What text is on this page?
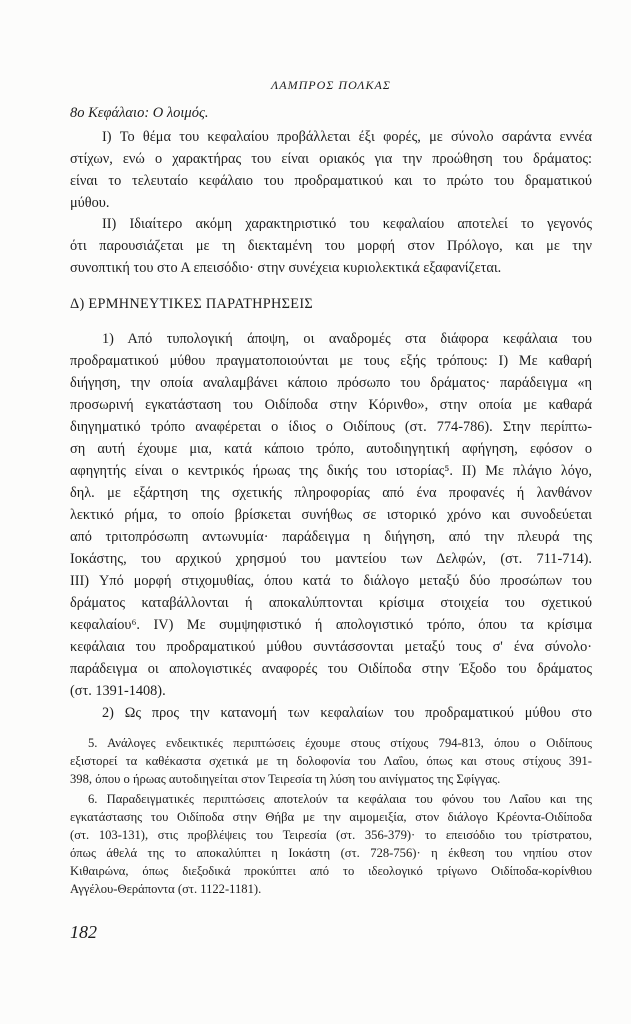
ΛΑΜΠΡΟΣ ΠΟΛΚΑΣ
8ο Κεφάλαιο: Ο λοιμός.
I) Το θέμα του κεφαλαίου προβάλλεται έξι φορές, με σύνολο σαράντα εννέα
στίχων, ενώ ο χαρακτήρας του είναι οριακός για την προώθηση του δράματος:
είναι το τελευταίο κεφάλαιο του προδραματικού και το πρώτο του δραματικού
μύθου.
II) Ιδιαίτερο ακόμη χαρακτηριστικό του κεφαλαίου αποτελεί το γεγονός
ότι παρουσιάζεται με τη διεκταμένη του μορφή στον Πρόλογο, και με την
συνοπτική του στο Α επεισόδιο· στην συνέχεια κυριολεκτικά εξαφανίζεται.
Δ) ΕΡΜΗΝΕΥΤΙΚΕΣ ΠΑΡΑΤΗΡΗΣΕΙΣ
1) Από τυπολογική άποψη, οι αναδρομές στα διάφορα κεφάλαια του
προδραματικού μύθου πραγματοποιούνται με τους εξής τρόπους: I) Με καθαρή
διήγηση, την οποία αναλαμβάνει κάποιο πρόσωπο του δράματος· παράδειγμα «η
προσωρινή εγκατάσταση του Οιδίποδα στην Κόρινθο», στην οποία με καθαρά
διηγηματικό τρόπο αναφέρεται ο ίδιος ο Οιδίπους (στ. 774-786). Στην περίπτω-
ση αυτή έχουμε μια, κατά κάποιο τρόπο, αυτοδιηγητική αφήγηση, εφόσον ο
αφηγητής είναι ο κεντρικός ήρωας της δικής του ιστορίας⁵. II) Με πλάγιο λόγο,
δηλ. με εξάρτηση της σχετικής πληροφορίας από ένα προφανές ή λανθάνον
λεκτικό ρήμα, το οποίο βρίσκεται συνήθως σε ιστορικό χρόνο και συνοδεύεται
από τριτοπρόσωπη αντωνυμία· παράδειγμα η διήγηση, από την πλευρά της
Ιοκάστης, του αρχικού χρησμού του μαντείου των Δελφών, (στ. 711-714).
III) Υπό μορφή στιχομυθίας, όπου κατά το διάλογο μεταξύ δύο προσώπων του
δράματος καταβάλλονται ή αποκαλύπτονται κρίσιμα στοιχεία του σχετικού
κεφαλαίου⁶. IV) Με συμψηφιστικό ή απολογιστικό τρόπο, όπου τα κρίσιμα
κεφάλαια του προδραματικού μύθου συντάσσονται μεταξύ τους σ' ένα σύνολο·
παράδειγμα οι απολογιστικές αναφορές του Οιδίποδα στην Έξοδο του δράματος
(στ. 1391-1408).
2) Ως προς την κατανομή των κεφαλαίων του προδραματικού μύθου στο
5. Ανάλογες ενδεικτικές περιπτώσεις έχουμε στους στίχους 794-813, όπου ο Οιδίπους
εξιστορεί τα καθέκαστα σχετικά με τη δολοφονία του Λαΐου, όπως και στους στίχους 391-
398, όπου ο ήρωας αυτοδιηγείται στον Τειρεσία τη λύση του αινίγματος της Σφίγγας.
6. Παραδειγματικές περιπτώσεις αποτελούν τα κεφάλαια του φόνου του Λαΐου και της
εγκατάστασης του Οιδίποδα στην Θήβα με την αιμομειξία, στον διάλογο Κρέοντα-Οιδίποδα
(στ. 103-131), στις προβλέψεις του Τειρεσία (στ. 356-379)· το επεισόδιο του τρίστρατου,
όπως άθελά της το αποκαλύπτει η Ιοκάστη (στ. 728-756)· η έκθεση του νηπίου στον
Κιθαιρώνα, όπως διεξοδικά προκύπτει από το ιδεολογικό τρίγωνο Οιδίποδα-κορίνθιου
Αγγέλου-Θεράποντα (στ. 1122-1181).
182
